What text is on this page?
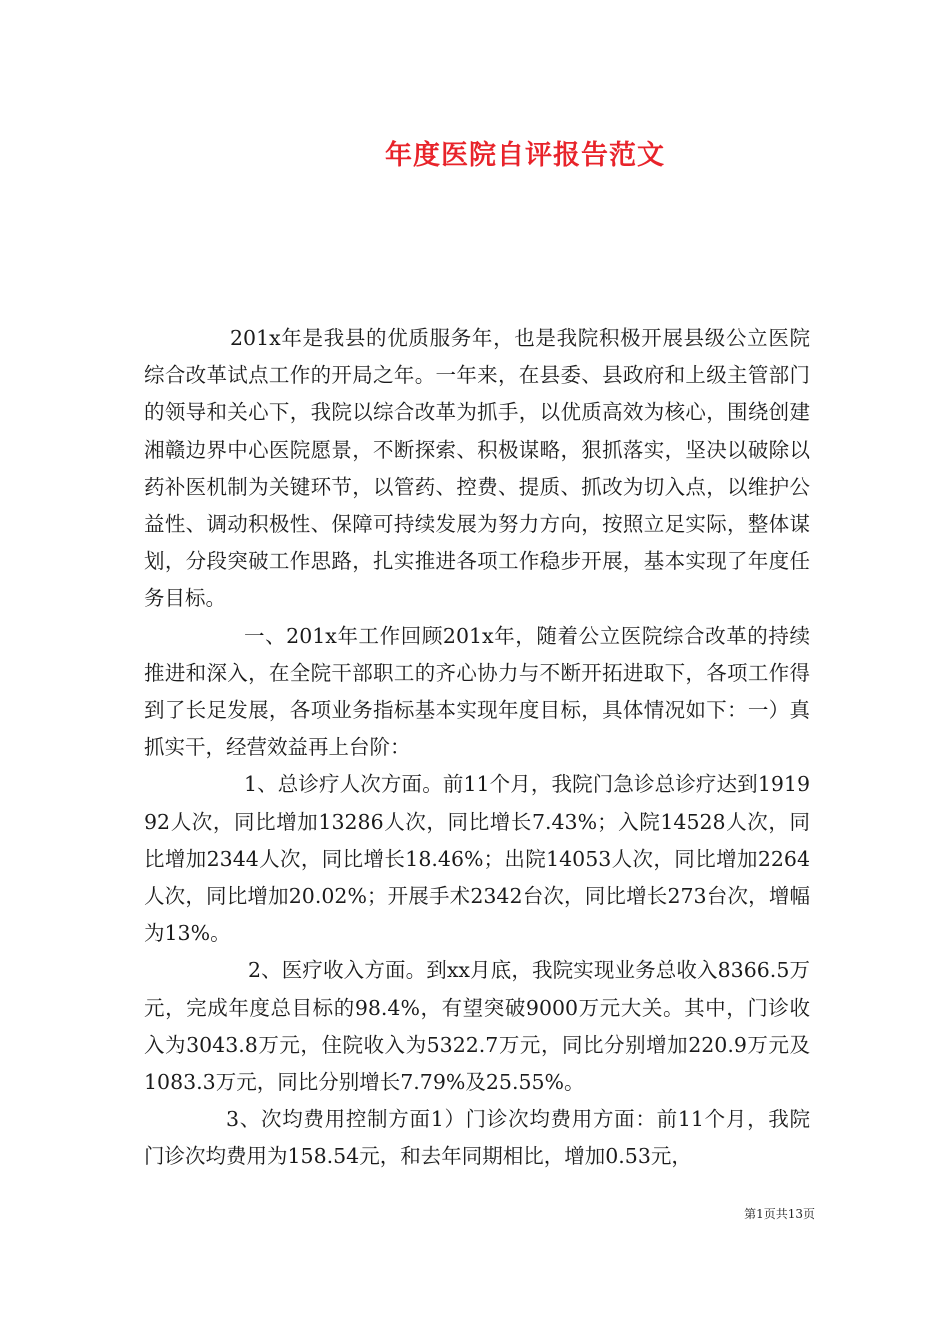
年度医院自评报告范文

201x年是我县的优质服务年，也是我院积极开展县级公立医院综合改革试点工作的开局之年。一年来，在县委、县政府和上级主管部门的领导和关心下，我院以综合改革为抓手，以优质高效为核心，围绕创建湘赣边界中心医院愿景，不断探索、积极谋略，狠抓落实，坚决以破除以药补医机制为关键环节，以管药、控费、提质、抓改为切入点，以维护公益性、调动积极性、保障可持续发展为努力方向，按照立足实际，整体谋划，分段突破工作思路，扎实推进各项工作稳步开展，基本实现了年度任务目标。

一、201x年工作回顾201x年，随着公立医院综合改革的持续推进和深入，在全院干部职工的齐心协力与不断开拓进取下，各项工作得到了长足发展，各项业务指标基本实现年度目标，具体情况如下：一）真抓实干，经营效益再上台阶：

1、总诊疗人次方面。前11个月，我院门急诊总诊疗达到191992人次，同比增加13286人次，同比增长7.43%；入院14528人次，同比增加2344人次，同比增长18.46%；出院14053人次，同比增加2264人次，同比增加20.02%；开展手术2342台次，同比增长273台次，增幅为13%。

2、医疗收入方面。到xx月底，我院实现业务总收入8366.5万元，完成年度总目标的98.4%，有望突破9000万元大关。其中，门诊收入为3043.8万元，住院收入为5322.7万元，同比分别增加220.9万元及1083.3万元，同比分别增长7.79%及25.55%。

3、次均费用控制方面1）门诊次均费用方面：前11个月，我院门诊次均费用为158.54元，和去年同期相比，增加0.53元，

第1页共13页
